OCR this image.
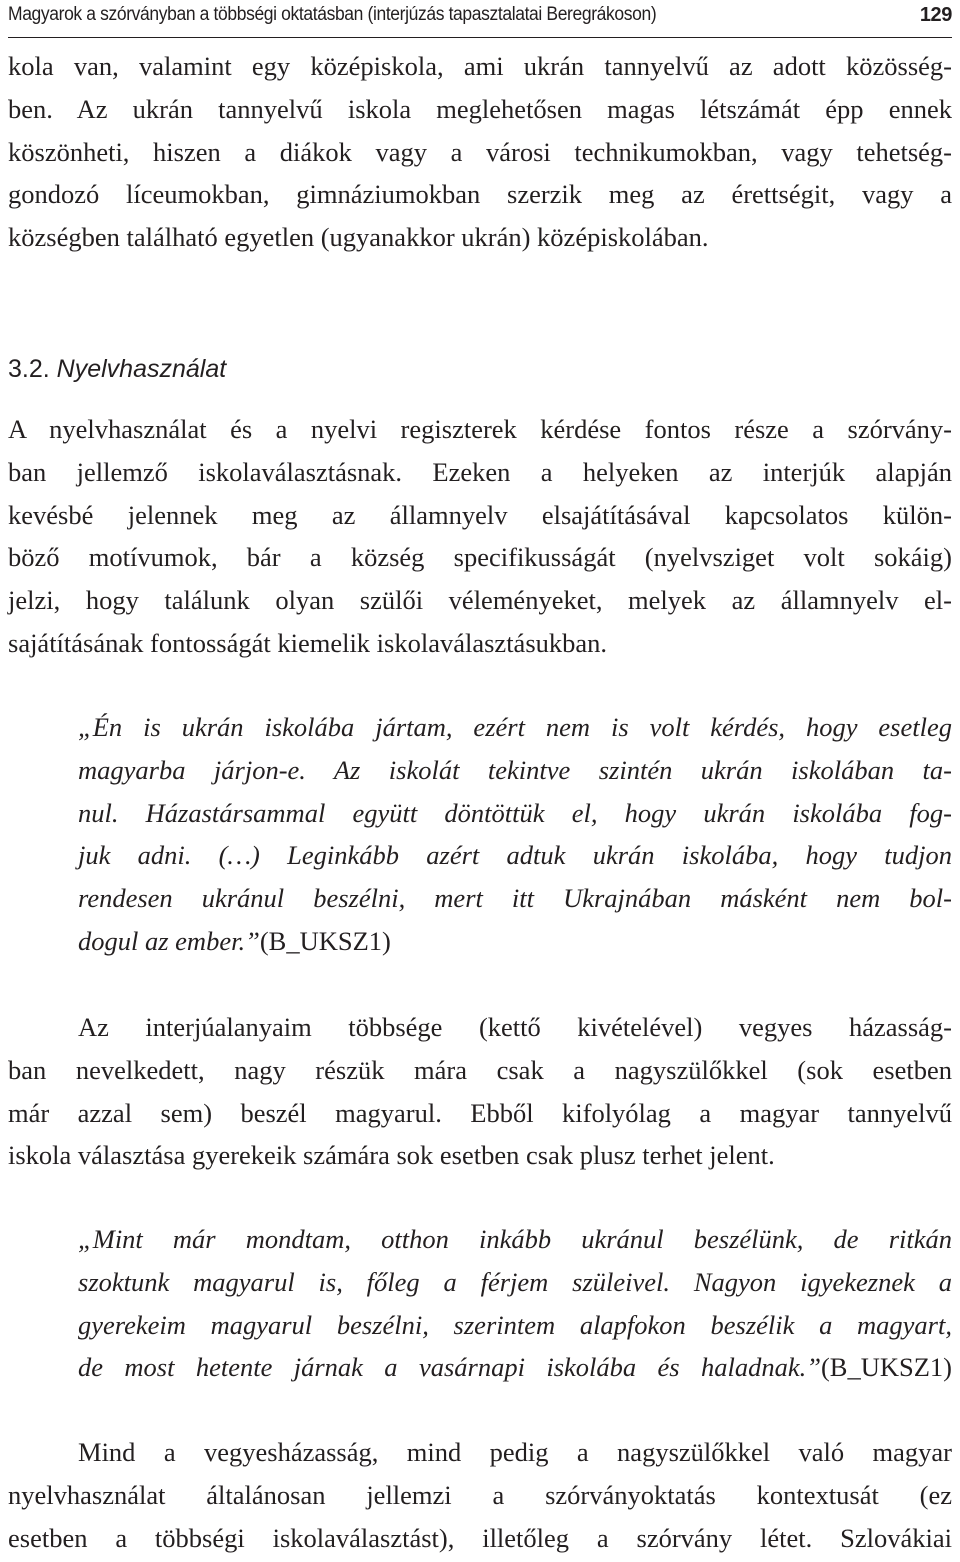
Magyarok a szórványban a többségi oktatásban (interjúzás tapasztalatai Beregrákoson)	129
kola van, valamint egy középiskola, ami ukrán tannyelvű az adott közösség-
ben. Az ukrán tannyelvű iskola meglehetősen magas létszámát épp ennek
köszönheti, hiszen a diákok vagy a városi technikumokban, vagy tehetség-
gondozó líceumokban, gimnáziumokban szerzik meg az érettségit, vagy a
községben található egyetlen (ugyanakkor ukrán) középiskolában.
3.2. Nyelvhasználat
A nyelvhasználat és a nyelvi regiszterek kérdése fontos része a szórvány-
ban jellemző iskolaválasztásnak. Ezeken a helyeken az interjúk alapján
kevésbé jelennek meg az államnyelv elsajátításával kapcsolatos külön-
böző motívumok, bár a község specifikusságát (nyelvsziget volt sokáig)
jelzi, hogy találunk olyan szülői véleményeket, melyek az államnyelv el-
sajátításának fontosságát kiemelik iskolaválasztásukban.
„Én is ukrán iskolába jártam, ezért nem is volt kérdés, hogy esetleg
magyarba járjon-e. Az iskolát tekintve szintén ukrán iskolában ta-
nul. Házastársammal együtt döntöttük el, hogy ukrán iskolába fog-
juk adni. (…) Leginkább azért adtuk ukrán iskolába, hogy tudjon
rendesen ukránul beszélni, mert itt Ukrajnában másként nem bol-
dogul az ember.”(B_UKSZ1)
Az interjúalanyaim többsége (kettő kivételével) vegyes házasság-
ban nevelkedett, nagy részük mára csak a nagyszülőkkel (sok esetben
már azzal sem) beszél magyarul. Ebből kifolyólag a magyar tannyelvű
iskola választása gyerekeik számára sok esetben csak plusz terhet jelent.
„Mint már mondtam, otthon inkább ukránul beszélünk, de ritkán
szoktunk magyarul is, főleg a férjem szüleivel. Nagyon igyekeznek a
gyerekeim magyarul beszélni, szerintem alapfokon beszélik a magyart,
de most hetente járnak a vasárnapi iskolába és haladnak.”(B_UKSZ1)
Mind a vegyesházasság, mind pedig a nagyszülőkkel való magyar
nyelvhasználat általánosan jellemzi a szórványoktatás kontextusát (ez
esetben a többségi iskolaválasztást), illetőleg a szórvány létet. Szlovákiai
